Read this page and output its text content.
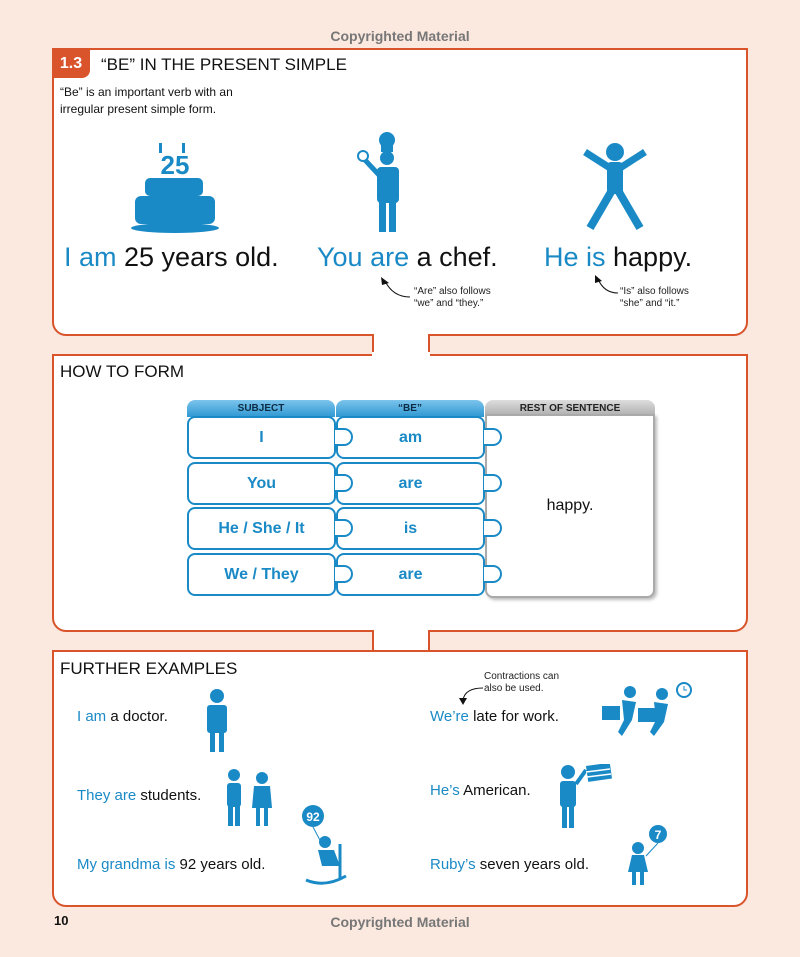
Copyrighted Material
1.3	“BE” IN THE PRESENT SIMPLE
“Be” is an important verb with an
irregular present simple form.
25
I am 25 years old. You are a chef. He is happy.
“Are” also follows
“we” and “they.”
“Is” also follows
“she” and “it.”
HOW TO FORM
SUBJECT	“BE”	REST OF SENTENCE
happy.
I	am
You	are
He / She / It	is
We / They	are
FURTHER EXAMPLES
I am a doctor.
They are students.
My grandma is 92 years old.
We’re late for work.
He’s American.
Ruby’s seven years old.
Contractions can
also be used.
92
7
10	Copyrighted Material
